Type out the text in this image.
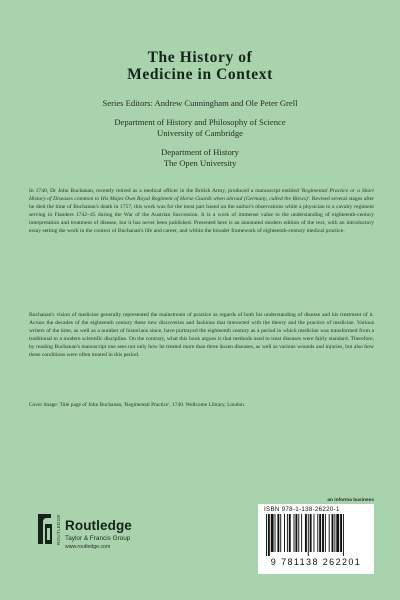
The History of
Medicine in Context
Series Editors: Andrew Cunningham and Ole Peter Grell
Department of History and Philosophy of Science
University of Cambridge
Department of History
The Open University

In 1740, Dr John Buchanan, recently retired as a medical officer in the British Army, produced a manuscript entitled 'Regimental Practice or a Short History of Diseases common to His Majes Own Royal Regiment of Horse Guards when abroad (Germany, called the Blews)'. Revised several stages after he died the time of Buchanan's death in 1757, this work was for the most part based on the author's observations while a physician to a cavalry regiment serving in Flanders 1742–45 during the War of the Austrian Succession. It is a work of immense value to the understanding of eighteenth-century interpretation and treatment of disease, but it has never been published. Presented here is an annotated modern edition of the text, with an introductory essay setting the work in the context of Buchanan's life and career, and within the broader framework of eighteenth-century medical practice.

Buchanan's vision of medicine generally represented the mainstream of practice as regards of both his understanding of disease and his treatment of it. Across the decades of the eighteenth century these new discoveries and fashions that interacted with the theory and the practice of medicine. Various writers of the time, as well as a number of historians since, have portrayed the eighteenth century as a period in which medicine was transformed from a traditional to a modern scientific discipline. On the contrary, what this book argues is that methods used to treat diseases were fairly standard. Therefore, by reading Buchanan's manuscript one sees not only how he treated more than three dozen diseases, as well as various wounds and injuries, but also how these conditions were often treated in this period.

Cover image: Title page of John Buchanan, 'Regimental Practice', 1740. Wellcome Library, London.

ROUTLEDGE Routledge
Taylor & Francis Group
www.routledge.com
an informa business
ISBN 978-1-138-26220-1
9 781138 262201
